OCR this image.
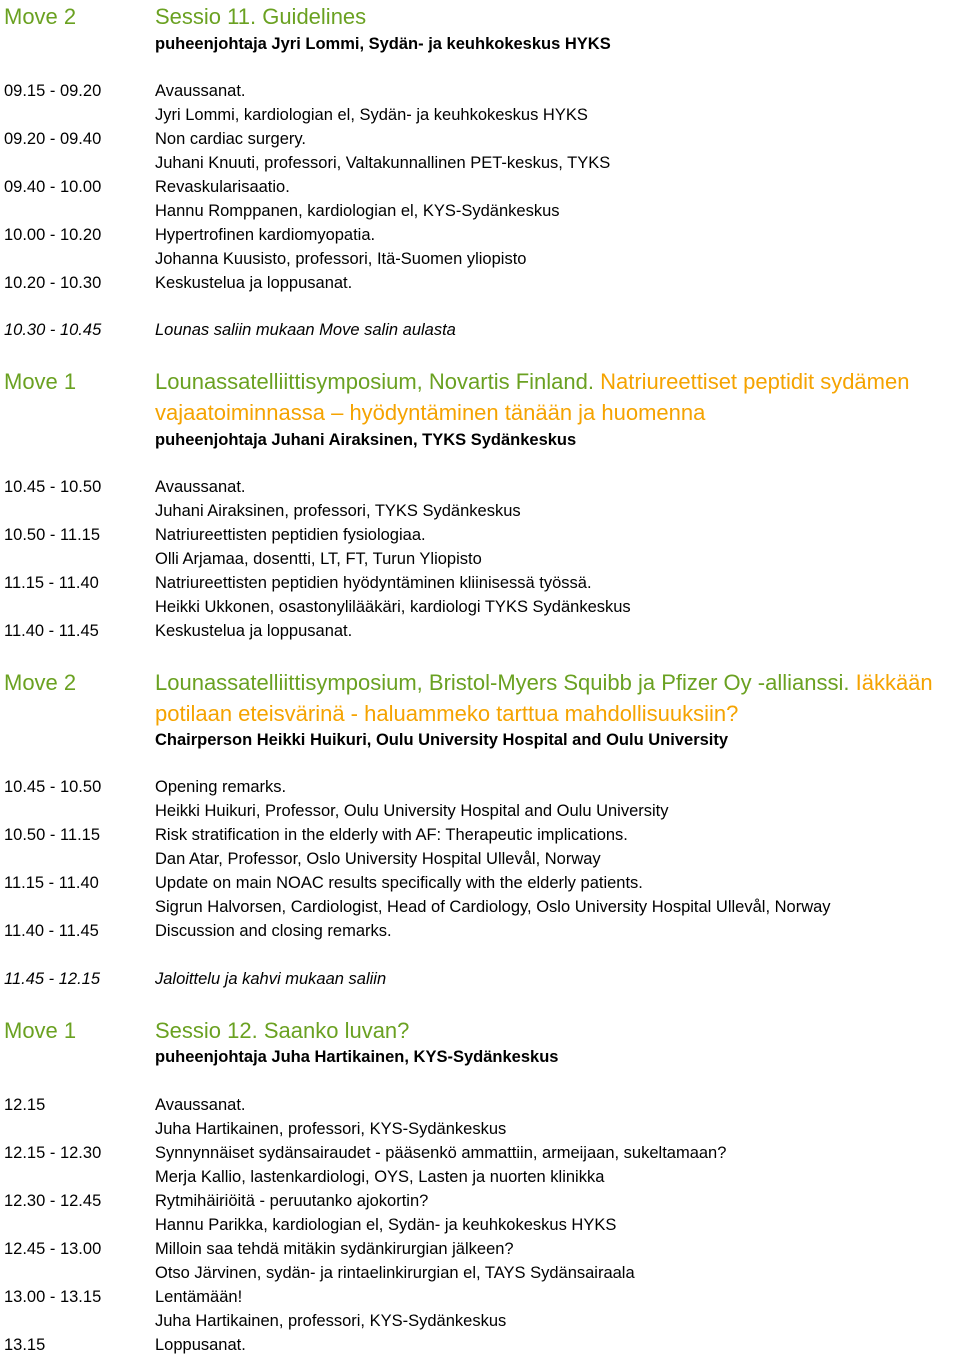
Move 2	Sessio 11. Guidelines
puheenjohtaja Jyri Lommi, Sydän- ja keuhkokeskus HYKS
09.15 - 09.20	Avaussanat.
Jyri Lommi, kardiologian el, Sydän- ja keuhkokeskus HYKS
09.20 - 09.40	Non cardiac surgery.
Juhani Knuuti, professori, Valtakunnallinen PET-keskus, TYKS
09.40 - 10.00	Revaskularisaatio.
Hannu Romppanen, kardiologian el, KYS-Sydänkeskus
10.00 - 10.20	Hypertrofinen kardiomyopatia.
Johanna Kuusisto, professori, Itä-Suomen yliopisto
10.20 - 10.30	Keskustelua ja loppusanat.
10.30 - 10.45	Lounas saliin mukaan Move salin aulasta
Move 1	Lounassatelliittisymposium, Novartis Finland. Natriureettiset peptidit sydämen
vajaatoiminnassa – hyödyntäminen tänään ja huomenna
puheenjohtaja Juhani Airaksinen, TYKS Sydänkeskus
10.45 - 10.50	Avaussanat.
Juhani Airaksinen, professori, TYKS Sydänkeskus
10.50 - 11.15	Natriureettisten peptidien fysiologiaa.
Olli Arjamaa, dosentti, LT, FT, Turun Yliopisto
11.15 - 11.40	Natriureettisten peptidien hyödyntäminen kliinisessä työssä.
Heikki Ukkonen, osastonylilääkäri, kardiologi TYKS Sydänkeskus
11.40 - 11.45	Keskustelua ja loppusanat.
Move 2	Lounassatelliittisymposium, Bristol-Myers Squibb ja Pfizer Oy -allianssi. Iäkkään
potilaan eteisvärinä - haluammeko tarttua mahdollisuuksiin?
Chairperson Heikki Huikuri, Oulu University Hospital and Oulu University
10.45 - 10.50	Opening remarks.
Heikki Huikuri, Professor, Oulu University Hospital and Oulu University
10.50 - 11.15	Risk stratification in the elderly with AF: Therapeutic implications.
Dan Atar, Professor, Oslo University Hospital Ullevål, Norway
11.15 - 11.40	Update on main NOAC results specifically with the elderly patients.
Sigrun Halvorsen, Cardiologist, Head of Cardiology, Oslo University Hospital Ullevål, Norway
11.40 - 11.45	Discussion and closing remarks.
11.45 - 12.15	Jaloittelu ja kahvi mukaan saliin
Move 1	Sessio 12. Saanko luvan?
puheenjohtaja Juha Hartikainen, KYS-Sydänkeskus
12.15	Avaussanat.
Juha Hartikainen, professori, KYS-Sydänkeskus
12.15 - 12.30	Synnynnäiset sydänsairaudet - pääsenkö ammattiin, armeijaan, sukeltamaan?
Merja Kallio, lastenkardiologi, OYS, Lasten ja nuorten klinikka
12.30 - 12.45	Rytmihäiriöitä - peruutanko ajokortin?
Hannu Parikka, kardiologian el, Sydän- ja keuhkokeskus HYKS
12.45 - 13.00	Milloin saa tehdä mitäkin sydänkirurgian jälkeen?
Otso Järvinen, sydän- ja rintaelinkirurgian el, TAYS Sydänsairaala
13.00 - 13.15	Lentämään!
Juha Hartikainen, professori, KYS-Sydänkeskus
13.15	Loppusanat.
